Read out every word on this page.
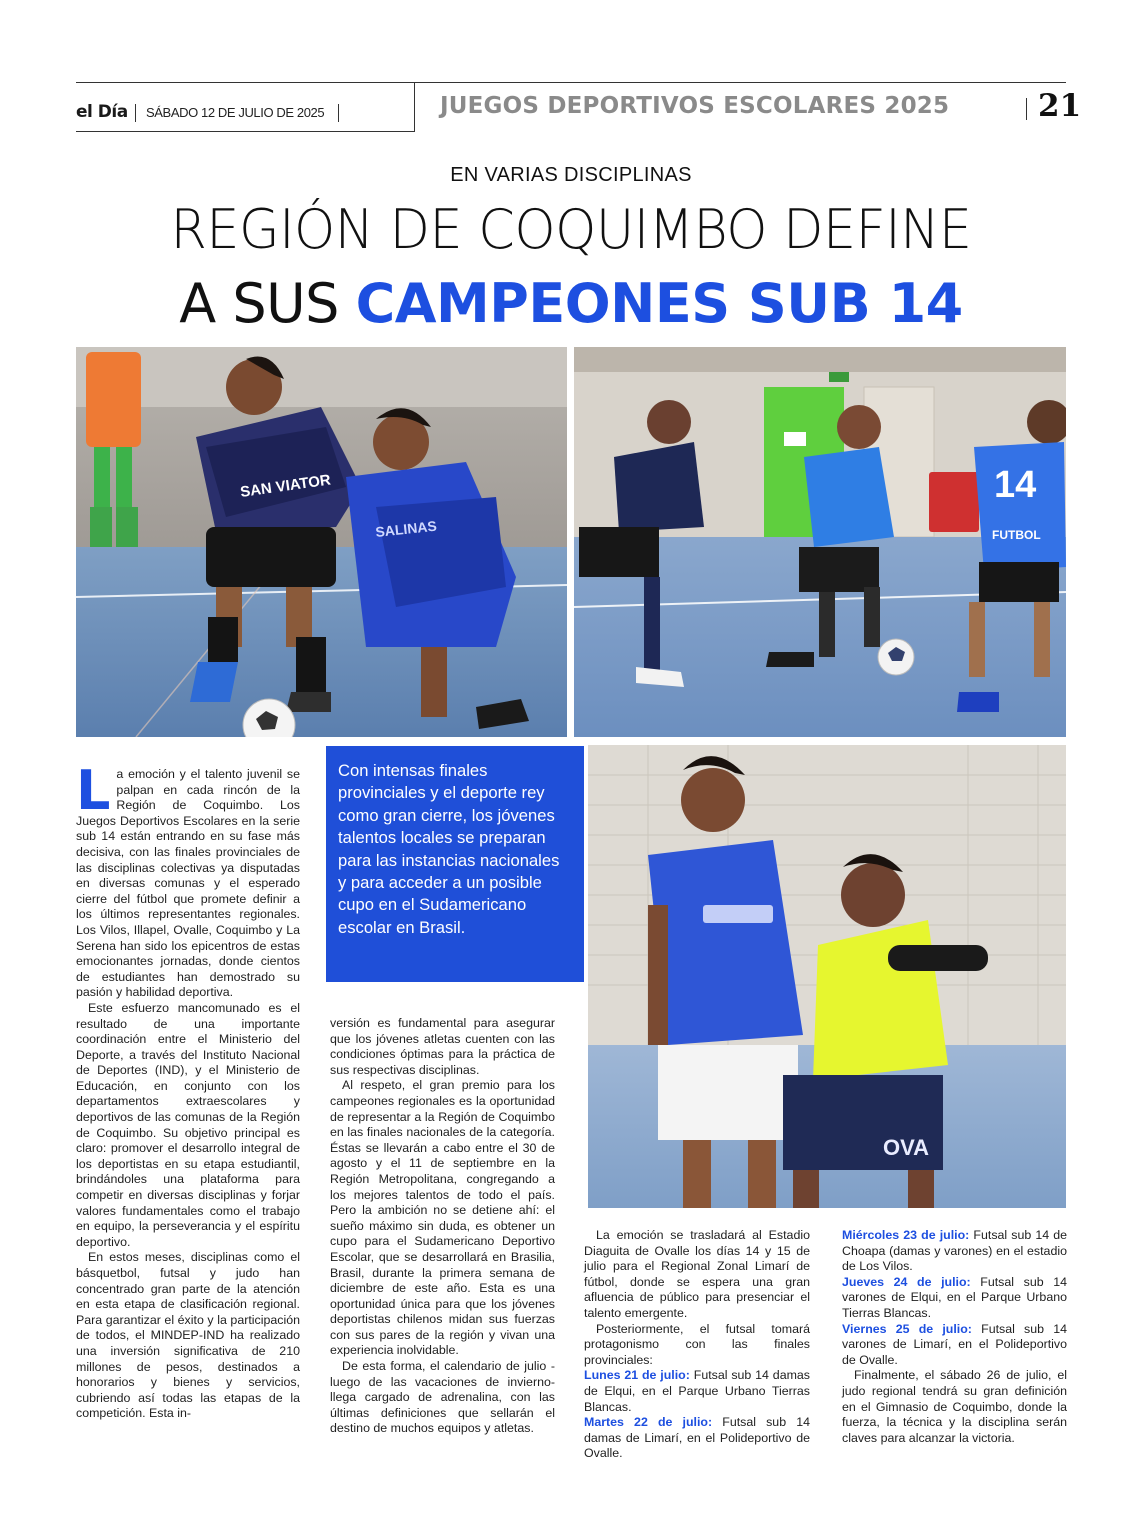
el Día SÁBADO 12 DE JULIO DE 2025	JUEGOS DEPORTIVOS ESCOLARES 2025	21
EN VARIAS DISCIPLINAS
REGIÓN DE COQUIMBO DEFINE
A SUS CAMPEONES SUB 14
SAN VIATOR
SALINAS
14
FUTBOL
OVA
Con intensas finales provinciales y el deporte rey como gran cierre, los jóvenes talentos locales se preparan para las instancias nacionales y para acceder a un posible cupo en el Sudamericano escolar en Brasil.

La emoción y el talento juvenil se palpan en cada rincón de la Región de Coquimbo. Los Juegos Deportivos Escolares en la serie sub 14 están entrando en su fase más decisiva, con las finales provinciales de las disciplinas colectivas ya disputadas en diversas comunas y el esperado cierre del fútbol que promete definir a los últimos representantes regionales. Los Vilos, Illapel, Ovalle, Coquimbo y La Serena han sido los epicentros de estas emocionantes jornadas, donde cientos de estudiantes han demostrado su pasión y habilidad deportiva.

Este esfuerzo mancomunado es el resultado de una importante coordinación entre el Ministerio del Deporte, a través del Instituto Nacional de Deportes (IND), y el Ministerio de Educación, en conjunto con los departamentos extraescolares y deportivos de las comunas de la Región de Coquimbo. Su objetivo principal es claro: promover el desarrollo integral de los deportistas en su etapa estudiantil, brindándoles una plataforma para competir en diversas disciplinas y forjar valores fundamentales como el trabajo en equipo, la perseverancia y el espíritu deportivo.

En estos meses, disciplinas como el básquetbol, futsal y judo han concentrado gran parte de la atención en esta etapa de clasificación regional. Para garantizar el éxito y la participación de todos, el MINDEP-IND ha realizado una inversión significativa de 210 millones de pesos, destinados a honorarios y bienes y servicios, cubriendo así todas las etapas de la competición. Esta in-

versión es fundamental para asegurar que los jóvenes atletas cuenten con las condiciones óptimas para la práctica de sus respectivas disciplinas.

Al respeto, el gran premio para los campeones regionales es la oportunidad de representar a la Región de Coquimbo en las finales nacionales de la categoría. Éstas se llevarán a cabo entre el 30 de agosto y el 11 de septiembre en la Región Metropolitana, congregando a los mejores talentos de todo el país. Pero la ambición no se detiene ahí: el sueño máximo sin duda, es obtener un cupo para el Sudamericano Deportivo Escolar, que se desarrollará en Brasilia, Brasil, durante la primera semana de diciembre de este año. Esta es una oportunidad única para que los jóvenes deportistas chilenos midan sus fuerzas con sus pares de la región y vivan una experiencia inolvidable.

De esta forma, el calendario de julio - luego de las vacaciones de invierno- llega cargado de adrenalina, con las últimas definiciones que sellarán el destino de muchos equipos y atletas.

La emoción se trasladará al Estadio Diaguita de Ovalle los días 14 y 15 de julio para el Regional Zonal Limarí de fútbol, donde se espera una gran afluencia de público para presenciar el talento emergente.

Posteriormente, el futsal tomará protagonismo con las finales provinciales:

Lunes 21 de julio: Futsal sub 14 damas de Elqui, en el Parque Urbano Tierras Blancas.

Martes 22 de julio: Futsal sub 14 damas de Limarí, en el Polideportivo de Ovalle.

Miércoles 23 de julio: Futsal sub 14 de Choapa (damas y varones) en el estadio de Los Vilos.

Jueves 24 de julio: Futsal sub 14 varones de Elqui, en el Parque Urbano Tierras Blancas.

Viernes 25 de julio: Futsal sub 14 varones de Limarí, en el Polideportivo de Ovalle.

Finalmente, el sábado 26 de julio, el judo regional tendrá su gran definición en el Gimnasio de Coquimbo, donde la fuerza, la técnica y la disciplina serán claves para alcanzar la victoria.
